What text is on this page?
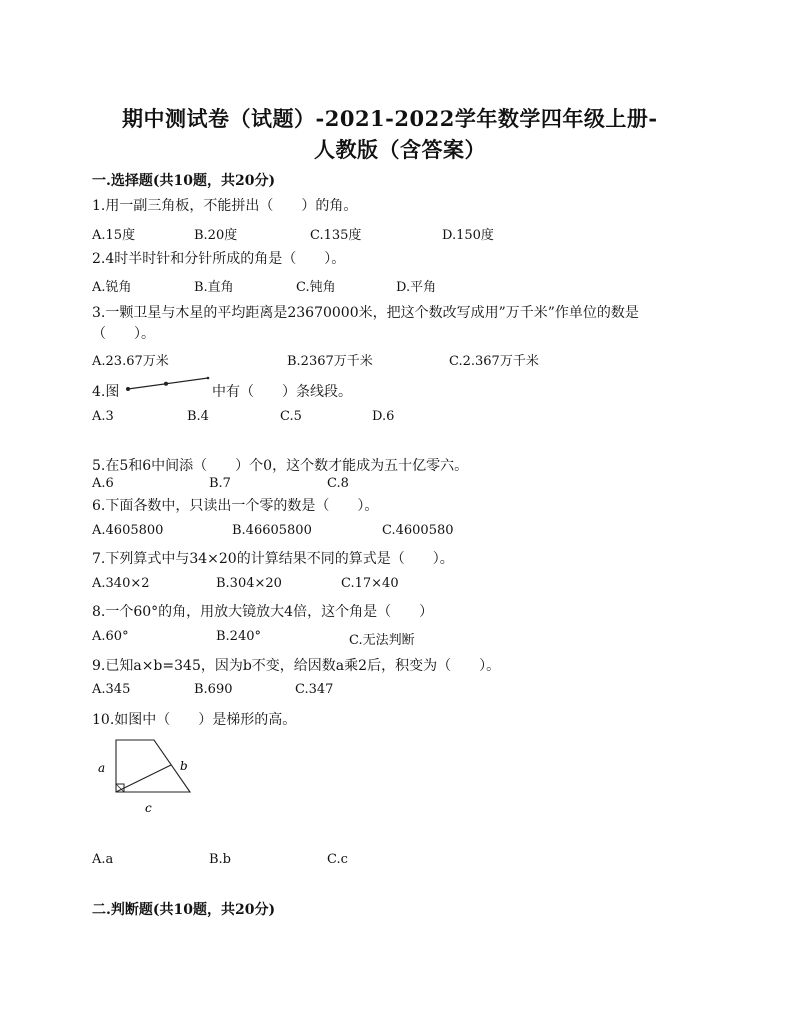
期中测试卷（试题）-2021-2022学年数学四年级上册-
人教版（含答案）
一.选择题(共10题，共20分)
1.用一副三角板，不能拼出（　　）的角。
A.15度	B.20度	C.135度	D.150度
2.4时半时针和分针所成的角是（　　）。
A.锐角	B.直角	C.钝角	D.平角
3.一颗卫星与木星的平均距离是23670000米，把这个数改写成用”万千米”作单位的数是
（　　）。
A.23.67万米	B.2367万千米	C.2.367万千米
4.图	中有（　　）条线段。
A.3	B.4	C.5	D.6
5.在5和6中间添（　　）个0，这个数才能成为五十亿零六。
A.6	B.7	C.8
6.下面各数中，只读出一个零的数是（　　）。
A.4605800	B.46605800	C.4600580
7.下列算式中与34×20的计算结果不同的算式是（　　）。
A.340×2	B.304×20	C.17×40
8.一个60°的角，用放大镜放大4倍，这个角是（　　）
A.60°	B.240°	C.无法判断
9.已知a×b=345，因为b不变，给因数a乘2后，积变为（　　）。
A.345	B.690	C.347
10.如图中（　　）是梯形的高。
a	b
c
A.a	B.b	C.c
二.判断题(共10题，共20分)
